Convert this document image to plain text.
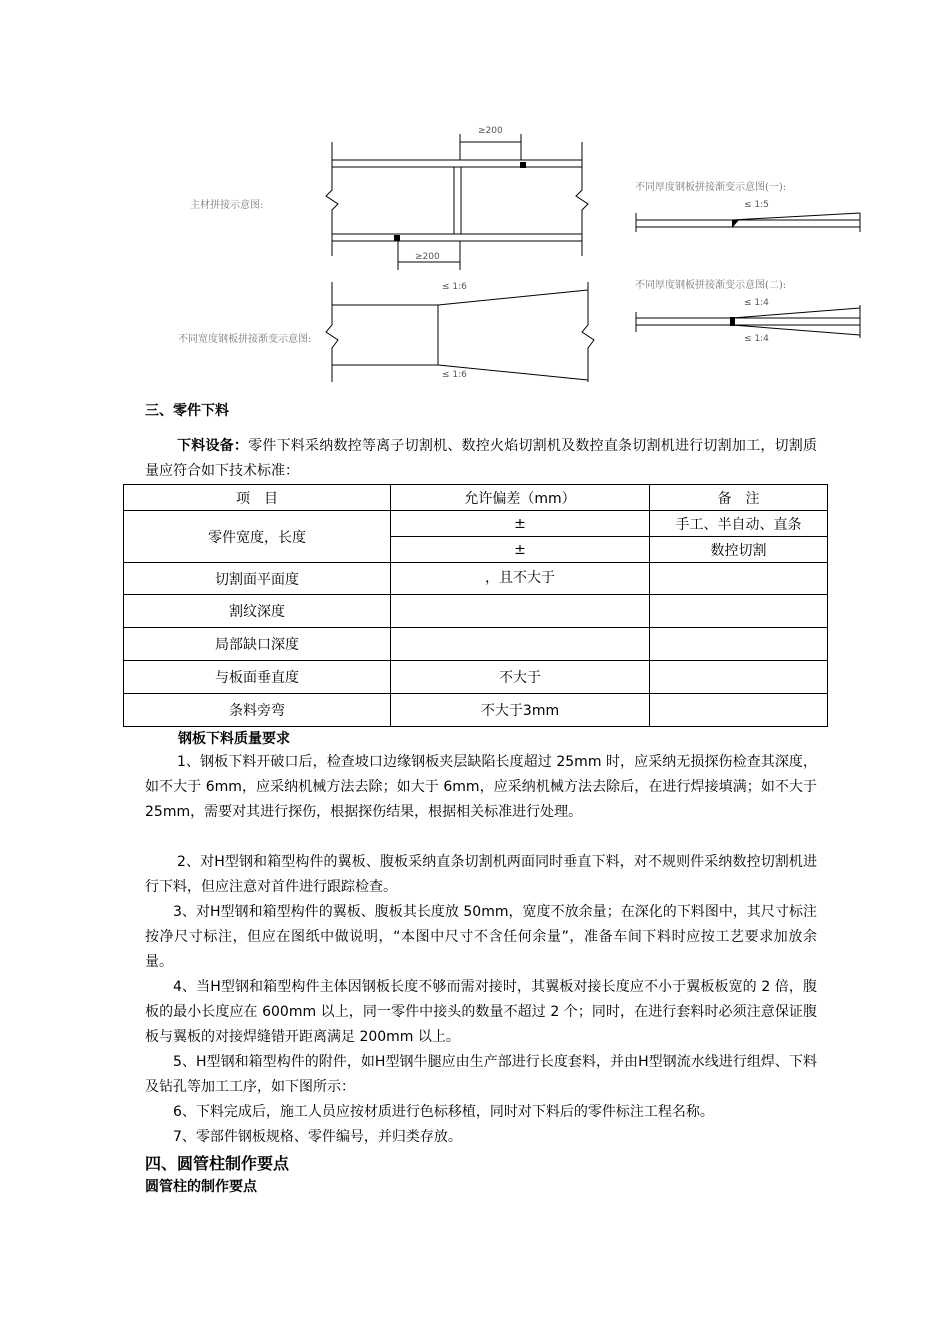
≥200
≥200
主材拼接示意图:
不同宽度钢板拼接渐变示意图:
≤ 1:6
≤ 1:6
不同厚度钢板拼接渐变示意图(一):
≤ 1:5
不同厚度钢板拼接渐变示意图(二):
≤ 1:4
≤ 1:4
三、零件下料
下料设备：零件下料采纳数控等离子切割机、数控火焰切割机及数控直条切割机进行切割加工，切割质量应符合如下技术标准：
项　目	允许偏差（mm）	备　注
零件宽度，长度	±	手工、半自动、直条
	±	数控切割
切割面平面度	，且不大于	
割纹深度		
局部缺口深度		
与板面垂直度	不大于	
条料旁弯	不大于3mm	
钢板下料质量要求
1、钢板下料开破口后，检查坡口边缘钢板夹层缺陷长度超过 25mm 时，应采纳无损探伤检查其深度，如不大于 6mm，应采纳机械方法去除；如大于 6mm，应采纳机械方法去除后，在进行焊接填满；如不大于 25mm，需要对其进行探伤，根据探伤结果，根据相关标准进行处理。
2、对H型钢和箱型构件的翼板、腹板采纳直条切割机两面同时垂直下料，对不规则件采纳数控切割机进行下料，但应注意对首件进行跟踪检查。
3、对H型钢和箱型构件的翼板、腹板其长度放 50mm，宽度不放余量；在深化的下料图中，其尺寸标注按净尺寸标注，但应在图纸中做说明，“本图中尺寸不含任何余量”，准备车间下料时应按工艺要求加放余量。
4、当H型钢和箱型构件主体因钢板长度不够而需对接时，其翼板对接长度应不小于翼板板宽的 2 倍，腹板的最小长度应在 600mm 以上，同一零件中接头的数量不超过 2 个；同时，在进行套料时必须注意保证腹板与翼板的对接焊缝错开距离满足 200mm 以上。
5、H型钢和箱型构件的附件，如H型钢牛腿应由生产部进行长度套料，并由H型钢流水线进行组焊、下料及钻孔等加工工序，如下图所示：
6、下料完成后，施工人员应按材质进行色标移植，同时对下料后的零件标注工程名称。
7、零部件钢板规格、零件编号，并归类存放。
四、圆管柱制作要点
圆管柱的制作要点
